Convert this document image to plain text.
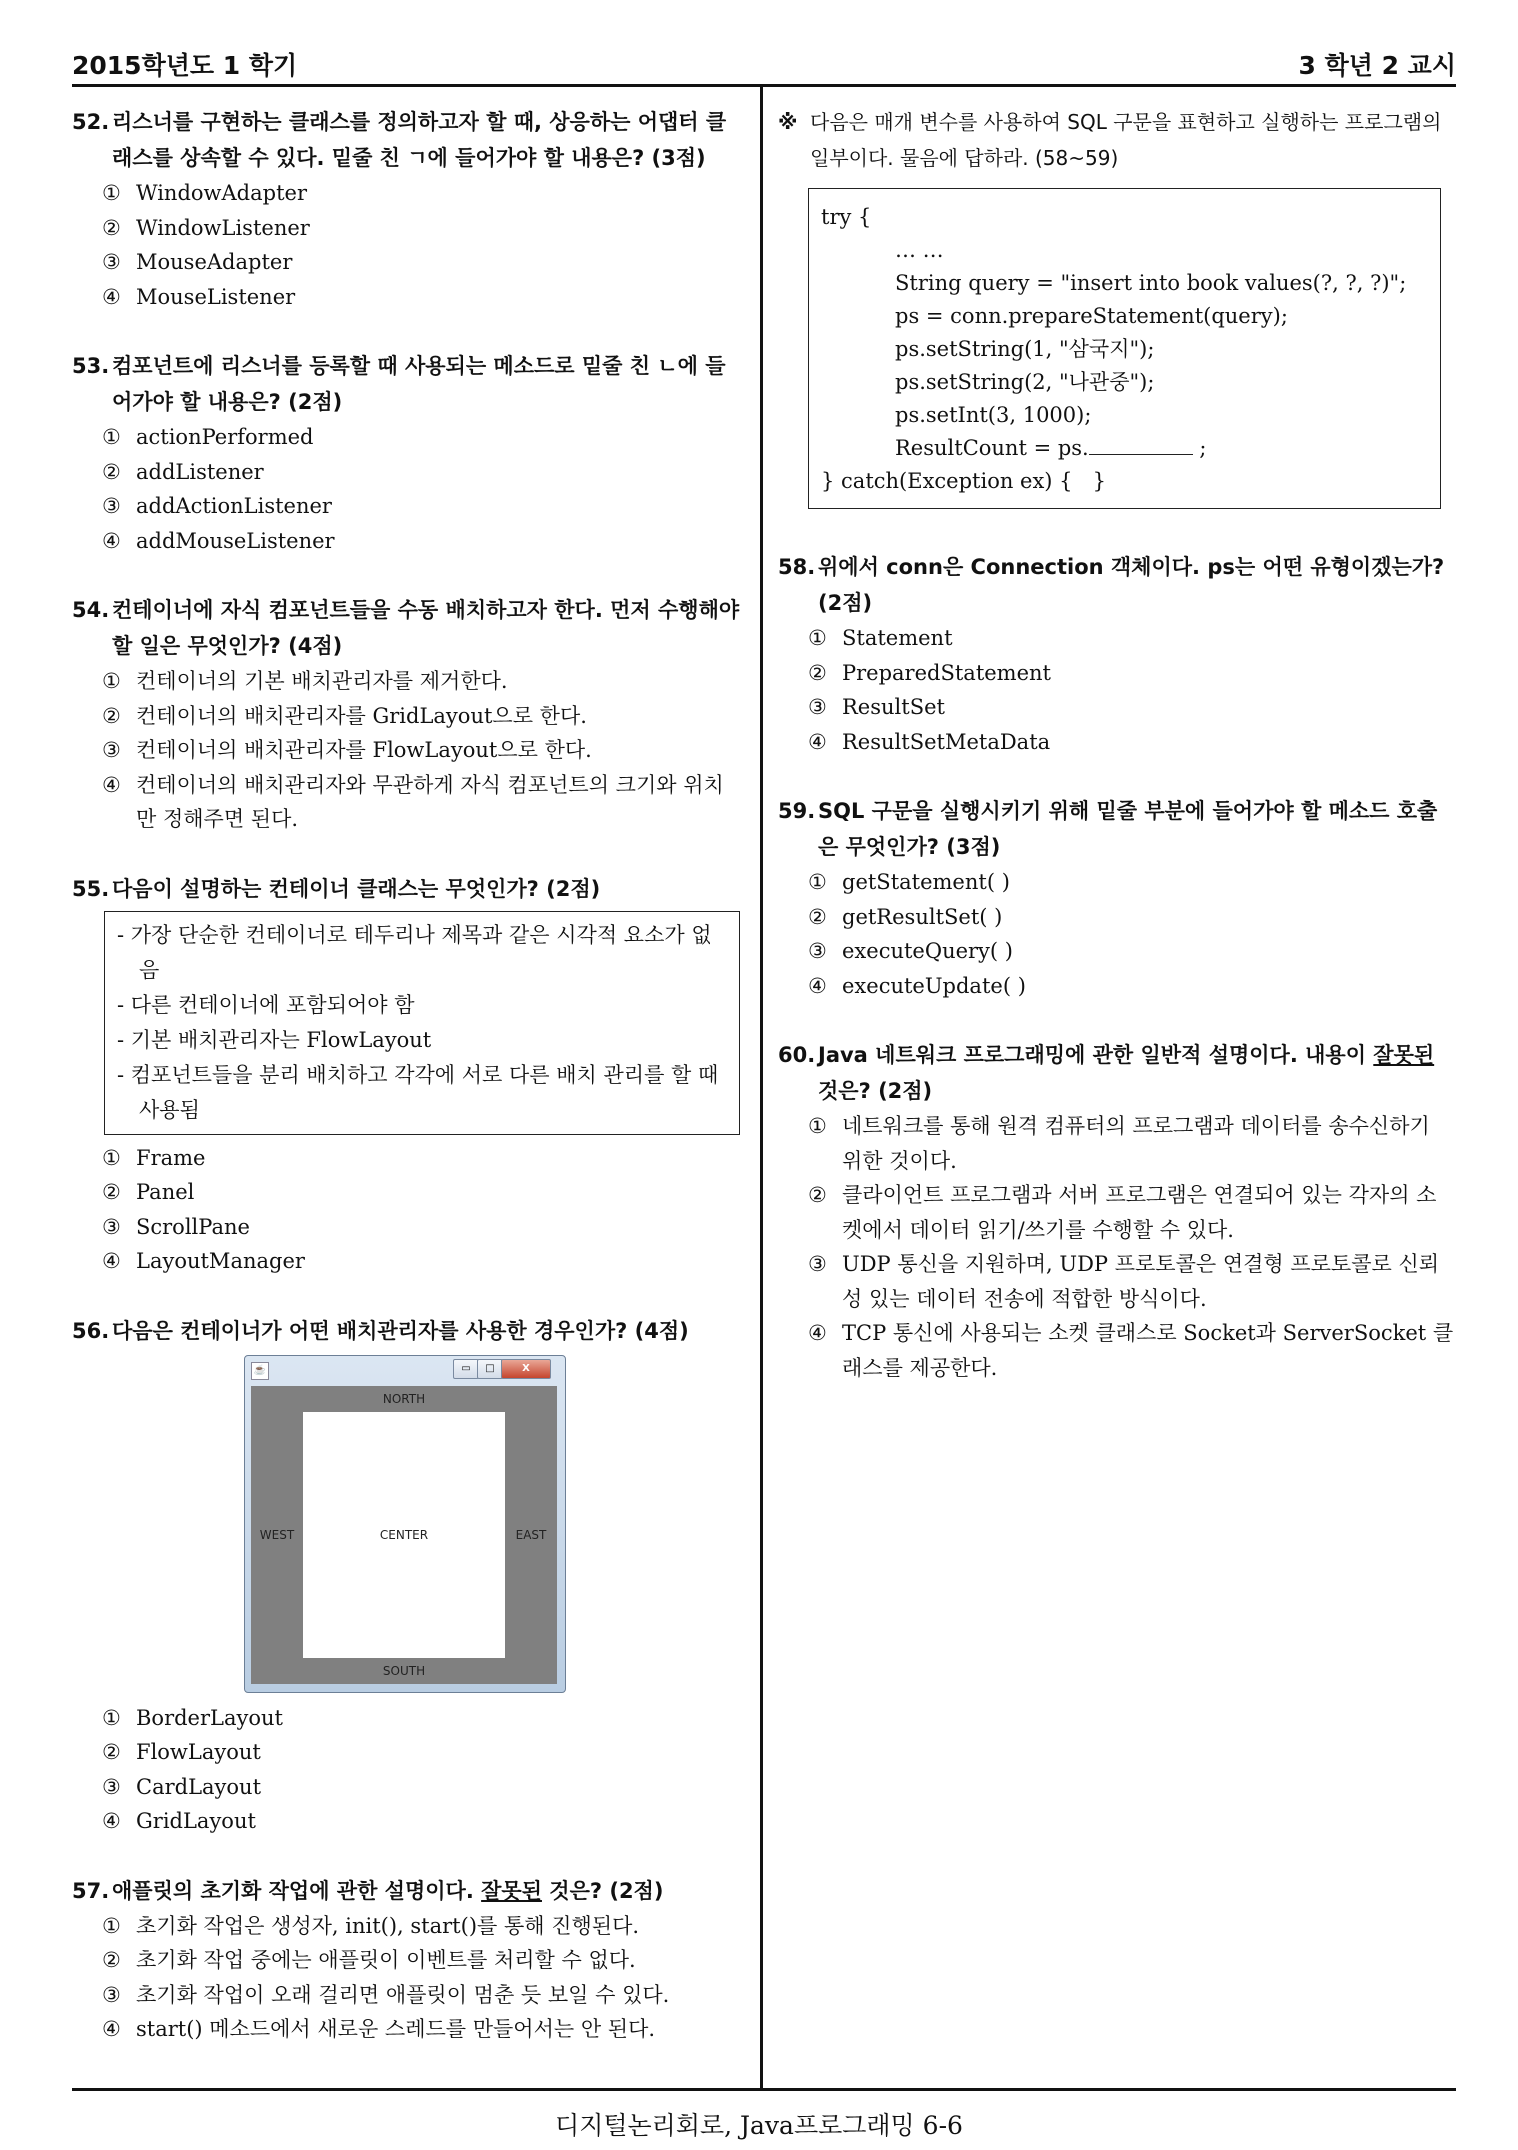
2015학년도 1 학기	3 학년 2 교시
52. 리스너를 구현하는 클래스를 정의하고자 할 때, 상응하는 어댑터 클래스를 상속할 수 있다. 밑줄 친 ㄱ에 들어가야 할 내용은? (3점)
① WindowAdapter
② WindowListener
③ MouseAdapter
④ MouseListener
53. 컴포넌트에 리스너를 등록할 때 사용되는 메소드로 밑줄 친 ㄴ에 들어가야 할 내용은? (2점)
① actionPerformed
② addListener
③ addActionListener
④ addMouseListener
54. 컨테이너에 자식 컴포넌트들을 수동 배치하고자 한다. 먼저 수행해야 할 일은 무엇인가? (4점)
① 컨테이너의 기본 배치관리자를 제거한다.
② 컨테이너의 배치관리자를 GridLayout으로 한다.
③ 컨테이너의 배치관리자를 FlowLayout으로 한다.
④ 컨테이너의 배치관리자와 무관하게 자식 컴포넌트의 크기와 위치만 정해주면 된다.
55. 다음이 설명하는 컨테이너 클래스는 무엇인가? (2점)
- 가장 단순한 컨테이너로 테두리나 제목과 같은 시각적 요소가 없음
- 다른 컨테이너에 포함되어야 함
- 기본 배치관리자는 FlowLayout
- 컴포넌트들을 분리 배치하고 각각에 서로 다른 배치 관리를 할 때 사용됨
① Frame
② Panel
③ ScrollPane
④ LayoutManager
56. 다음은 컨테이너가 어떤 배치관리자를 사용한 경우인가? (4점)
☕	▭	□	X
NORTH
WEST	CENTER	EAST
SOUTH
① BorderLayout
② FlowLayout
③ CardLayout
④ GridLayout
57. 애플릿의 초기화 작업에 관한 설명이다. 잘못된 것은? (2점)
① 초기화 작업은 생성자, init(), start()를 통해 진행된다.
② 초기화 작업 중에는 애플릿이 이벤트를 처리할 수 없다.
③ 초기화 작업이 오래 걸리면 애플릿이 멈춘 듯 보일 수 있다.
④ start() 메소드에서 새로운 스레드를 만들어서는 안 된다.
※ 다음은 매개 변수를 사용하여 SQL 구문을 표현하고 실행하는 프로그램의 일부이다. 물음에 답하라. (58~59)
try {
… …
String query = "insert into book values(?, ?, ?)";
ps = conn.prepareStatement(query);
ps.setString(1, "삼국지");
ps.setString(2, "나관중");
ps.setInt(3, 1000);
ResultCount = ps.	;
} catch(Exception ex) {   }
58. 위에서 conn은 Connection 객체이다. ps는 어떤 유형이겠는가? (2점)
① Statement
② PreparedStatement
③ ResultSet
④ ResultSetMetaData
59. SQL 구문을 실행시키기 위해 밑줄 부분에 들어가야 할 메소드 호출은 무엇인가? (3점)
① getStatement( )
② getResultSet( )
③ executeQuery( )
④ executeUpdate( )
60. Java 네트워크 프로그래밍에 관한 일반적 설명이다. 내용이 잘못된 것은? (2점)
① 네트워크를 통해 원격 컴퓨터의 프로그램과 데이터를 송수신하기 위한 것이다.
② 클라이언트 프로그램과 서버 프로그램은 연결되어 있는 각자의 소켓에서 데이터 읽기/쓰기를 수행할 수 있다.
③ UDP 통신을 지원하며, UDP 프로토콜은 연결형 프로토콜로 신뢰성 있는 데이터 전송에 적합한 방식이다.
④ TCP 통신에 사용되는 소켓 클래스로 Socket과 ServerSocket 클래스를 제공한다.
디지털논리회로, Java프로그래밍 6-6
